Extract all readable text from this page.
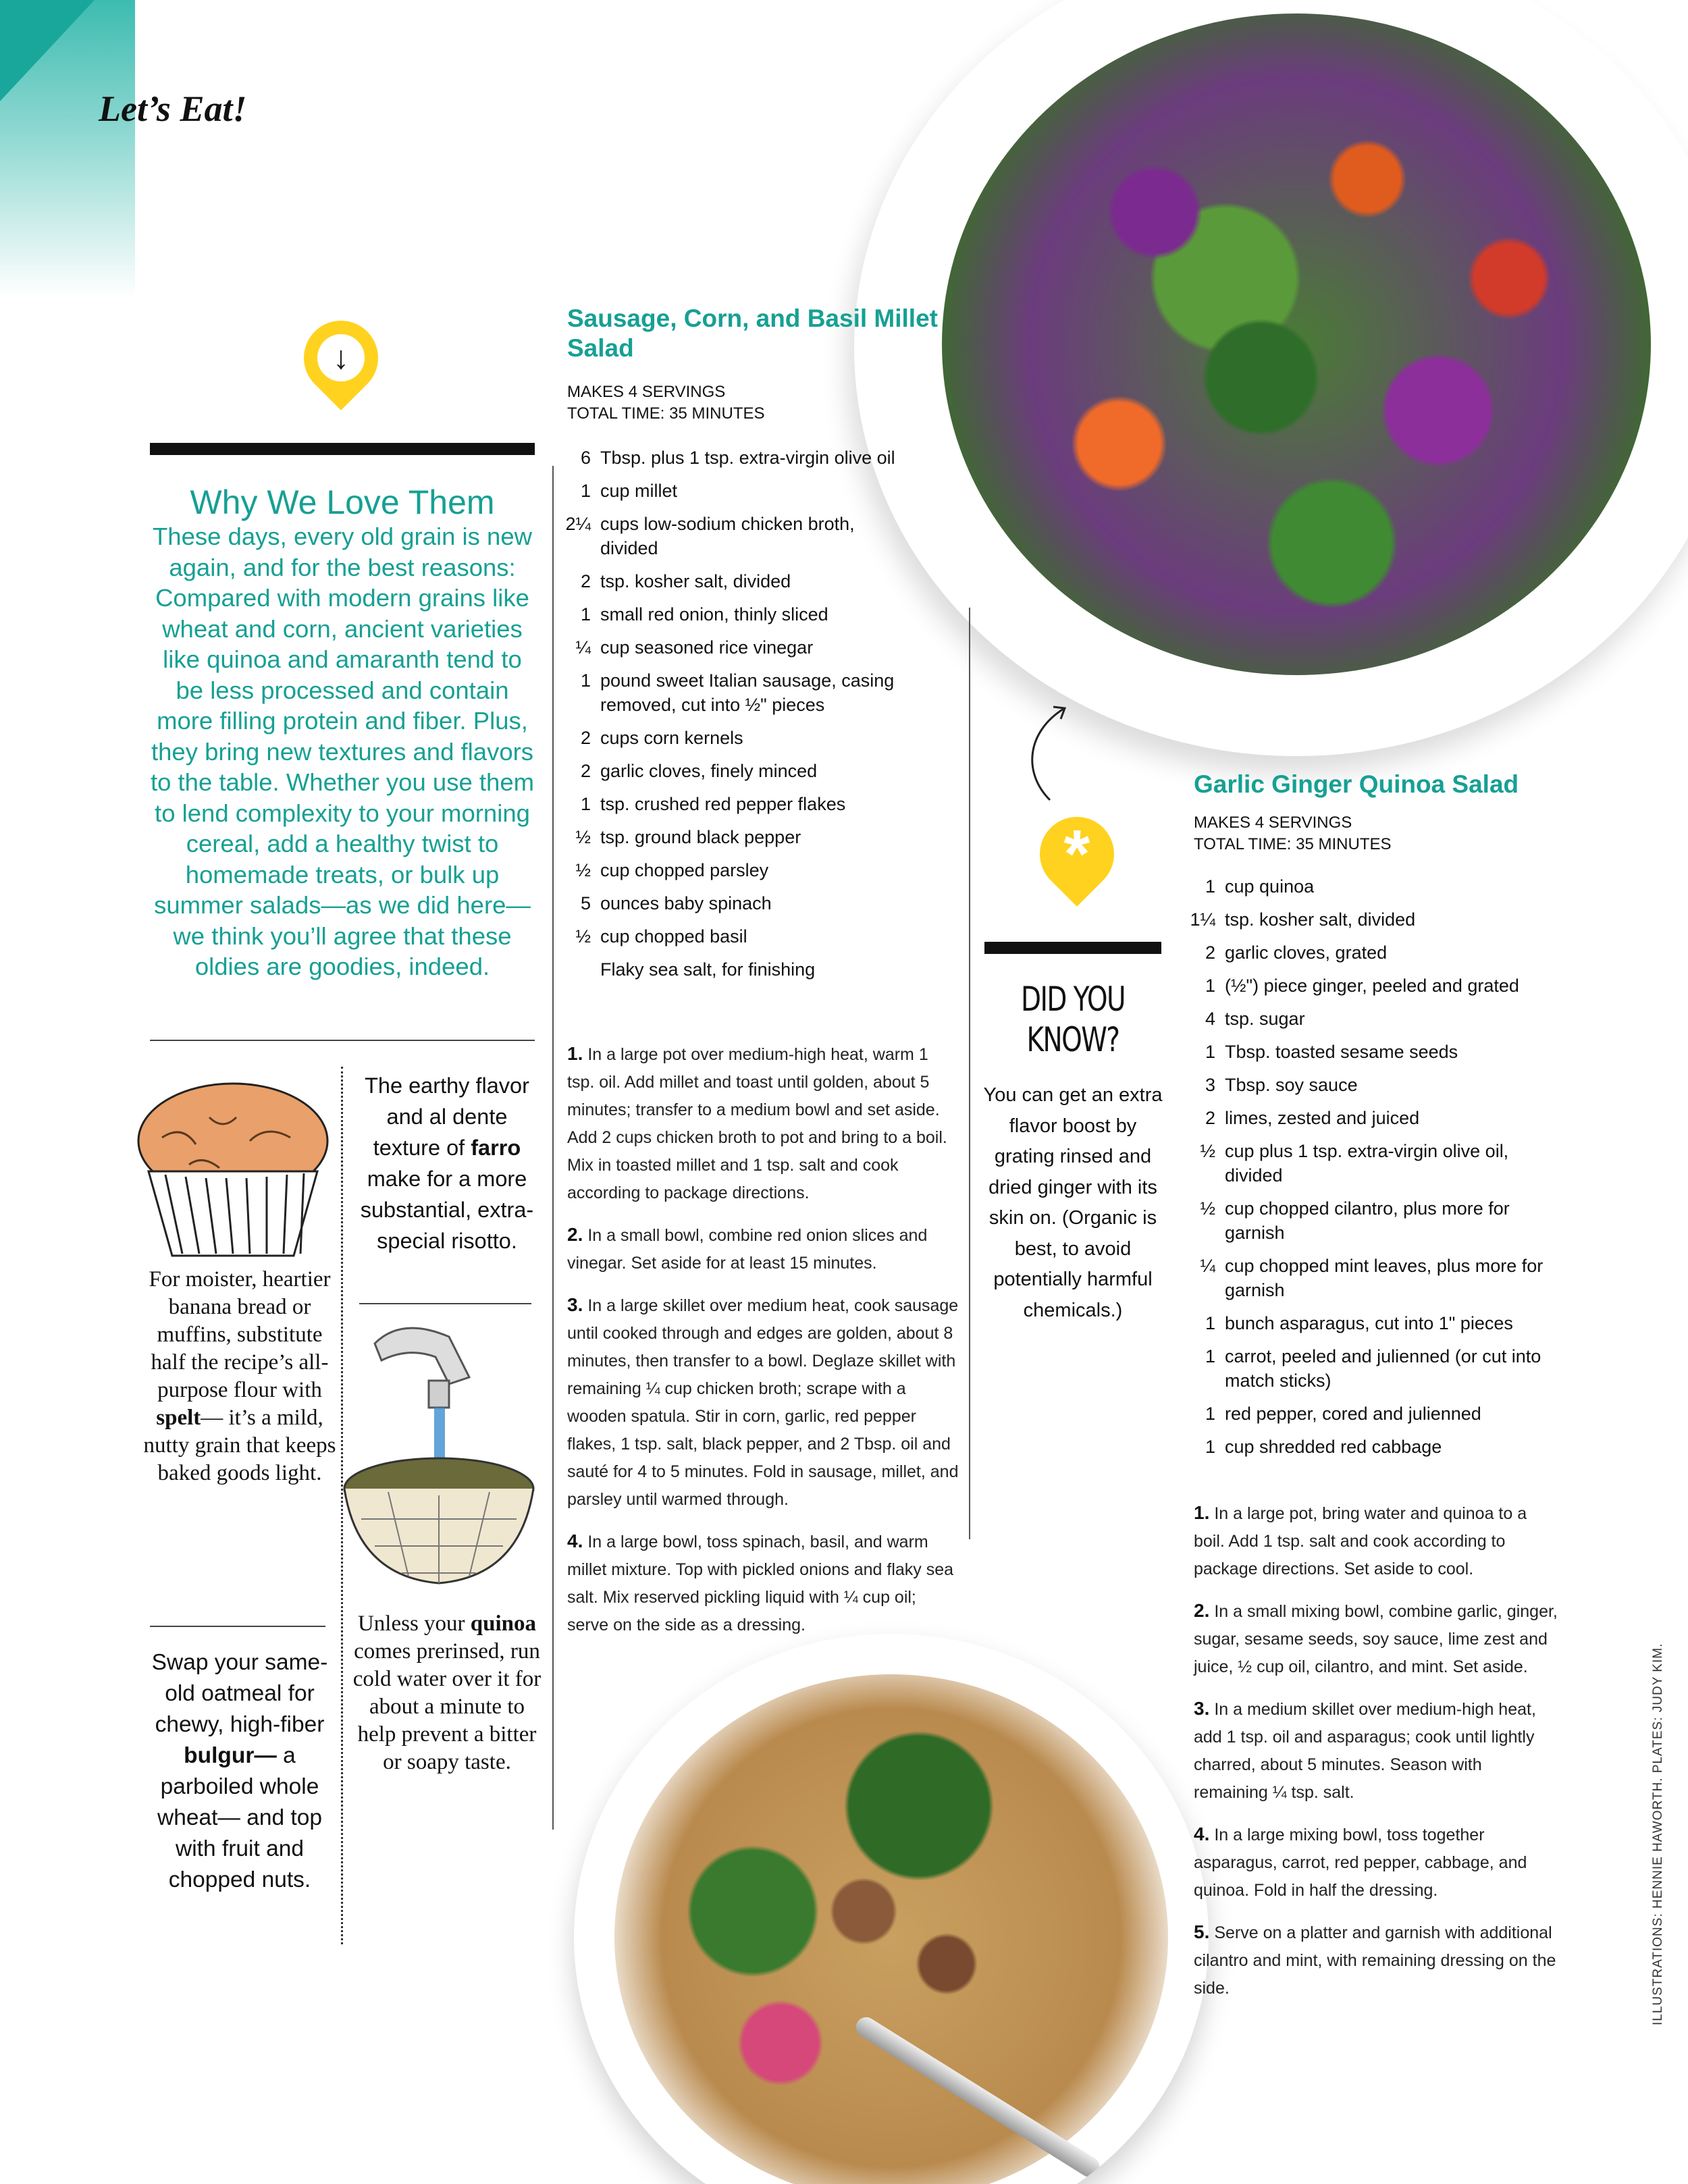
Let’s Eat!
↓
*
Why We Love Them
These days, every old grain is new again, and for the best reasons: Compared with modern grains like wheat and corn, ancient varieties like quinoa and amaranth tend to be less processed and contain more filling protein and fiber. Plus, they bring new textures and flavors to the table. Whether you use them to lend complexity to your morning cereal, add a healthy twist to homemade treats, or bulk up summer salads—as we did here—we think you’ll agree that these oldies are goodies, indeed.
For moister, heartier banana bread or muffins, substitute half the recipe’s all-purpose flour with spelt— it’s a mild, nutty grain that keeps baked goods light.
The earthy flavor and al dente texture of farro make for a more substantial, extra-special risotto.
Unless your quinoa comes prerinsed, run cold water over it for about a minute to help prevent a bitter or soapy taste.
Swap your same-old oatmeal for chewy, high-fiber bulgur— a parboiled whole wheat— and top with fruit and chopped nuts.
Sausage, Corn, and Basil Millet Salad
MAKES 4 SERVINGS
TOTAL TIME: 35 MINUTES
6 Tbsp. plus 1 tsp. extra-virgin olive oil
1 cup millet
2¼ cups low-sodium chicken broth, divided
2 tsp. kosher salt, divided
1 small red onion, thinly sliced
¼ cup seasoned rice vinegar
1 pound sweet Italian sausage, casing removed, cut into ½" pieces
2 cups corn kernels
2 garlic cloves, finely minced
1 tsp. crushed red pepper flakes
½ tsp. ground black pepper
½ cup chopped parsley
5 ounces baby spinach
½ cup chopped basil
Flaky sea salt, for finishing

1. In a large pot over medium-high heat, warm 1 tsp. oil. Add millet and toast until golden, about 5 minutes; transfer to a medium bowl and set aside. Add 2 cups chicken broth to pot and bring to a boil. Mix in toasted millet and 1 tsp. salt and cook according to package directions.

2. In a small bowl, combine red onion slices and vinegar. Set aside for at least 15 minutes.

3. In a large skillet over medium heat, cook sausage until cooked through and edges are golden, about 8 minutes, then transfer to a bowl. Deglaze skillet with remaining ¼ cup chicken broth; scrape with a wooden spatula. Stir in corn, garlic, red pepper flakes, 1 tsp. salt, black pepper, and 2 Tbsp. oil and sauté for 4 to 5 minutes. Fold in sausage, millet, and parsley until warmed through.

4. In a large bowl, toss spinach, basil, and warm millet mixture. Top with pickled onions and flaky sea salt. Mix reserved pickling liquid with ¼ cup oil; serve on the side as a dressing.

Garlic Ginger Quinoa Salad
MAKES 4 SERVINGS
TOTAL TIME: 35 MINUTES
1 cup quinoa
1¼ tsp. kosher salt, divided
2 garlic cloves, grated
1 (½") piece ginger, peeled and grated
4 tsp. sugar
1 Tbsp. toasted sesame seeds
3 Tbsp. soy sauce
2 limes, zested and juiced
½ cup plus 1 tsp. extra-virgin olive oil, divided
½ cup chopped cilantro, plus more for garnish
¼ cup chopped mint leaves, plus more for garnish
1 bunch asparagus, cut into 1" pieces
1 carrot, peeled and julienned (or cut into match sticks)
1 red pepper, cored and julienned
1 cup shredded red cabbage

1. In a large pot, bring water and quinoa to a boil. Add 1 tsp. salt and cook according to package directions. Set aside to cool.

2. In a small mixing bowl, combine garlic, ginger, sugar, sesame seeds, soy sauce, lime zest and juice, ½ cup oil, cilantro, and mint. Set aside.

3. In a medium skillet over medium-high heat, add 1 tsp. oil and asparagus; cook until lightly charred, about 5 minutes. Season with remaining ¼ tsp. salt.

4. In a large mixing bowl, toss together asparagus, carrot, red pepper, cabbage, and quinoa. Fold in half the dressing.

5. Serve on a platter and garnish with additional cilantro and mint, with remaining dressing on the side.

DID YOU
KNOW?
You can get an extra flavor boost by grating rinsed and dried ginger with its skin on. (Organic is best, to avoid potentially harmful chemicals.)
ILLUSTRATIONS: HENNIE HAWORTH. PLATES: JUDY KIM.
